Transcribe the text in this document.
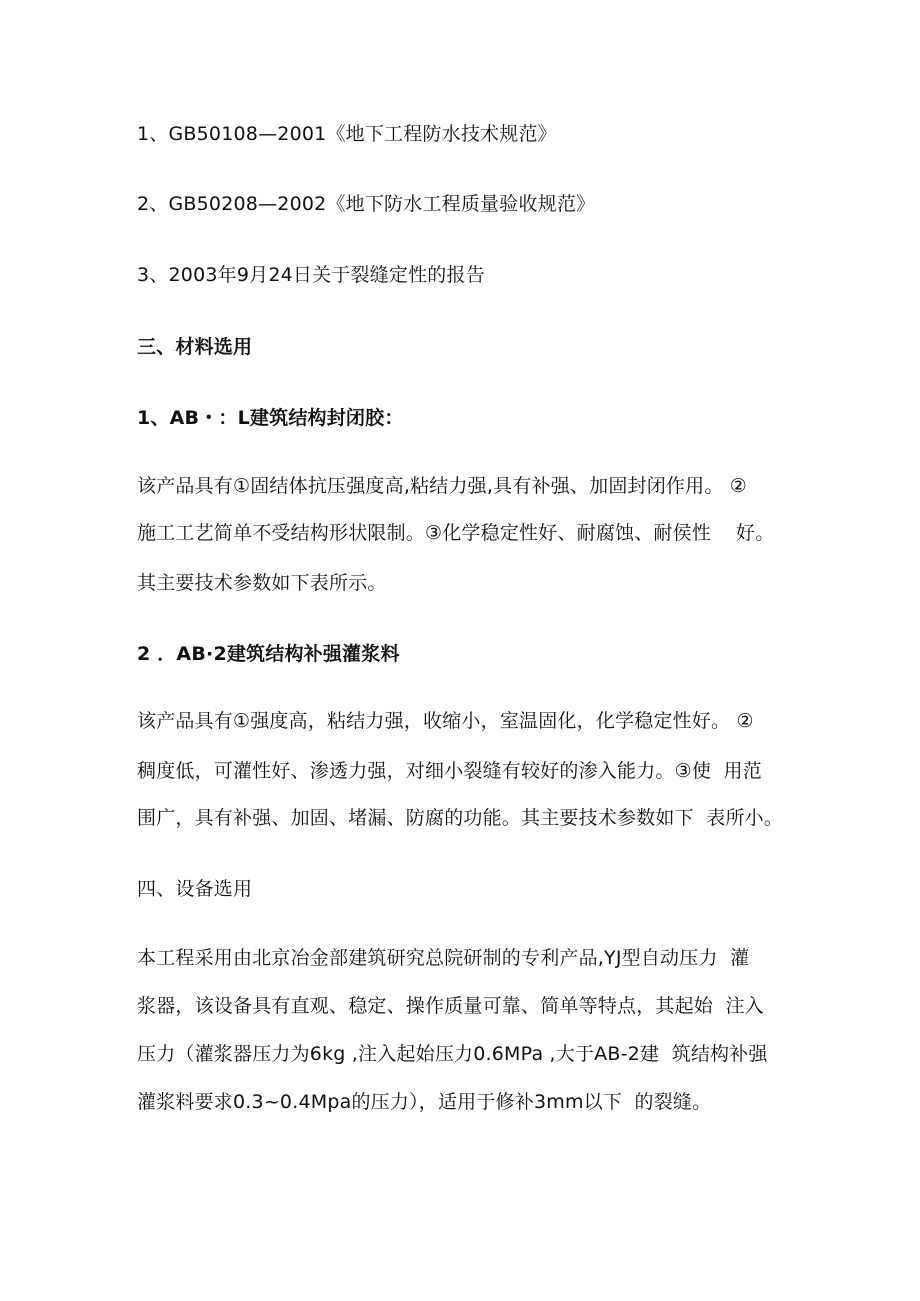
1、GB50108—2001《地下工程防水技术规范》
2、GB50208—2002《地下防水工程质量验收规范》
3、2003年9月24日关于裂缝定性的报告
三、材料选用
1、AB・：L建筑结构封闭胶：
该产品具有①固结体抗压强度高,粘结力强,具有补强、加固封闭作用。 ②
施工工艺简单不受结构形状限制。③化学稳定性好、耐腐蚀、耐侯性    好。
其主要技术参数如下表所示。
2 ．AB·2建筑结构补强灌浆料
该产品具有①强度高，粘结力强，收缩小，室温固化，化学稳定性好。 ②
稠度低，可灌性好、渗透力强，对细小裂缝有较好的渗入能力。③使  用范
围广，具有补强、加固、堵漏、防腐的功能。其主要技术参数如下  表所小。
四、设备选用
本工程采用由北京冶金部建筑研究总院研制的专利产品,YJ型自动压力  灌
浆器，该设备具有直观、稳定、操作质量可靠、简单等特点，其起始  注入
压力（灌浆器压力为6kg ,注入起始压力0.6MPa ,大于AB-2建  筑结构补强
灌浆料要求0.3~0.4Mpa的压力），适用于修补3mm以下  的裂缝。
